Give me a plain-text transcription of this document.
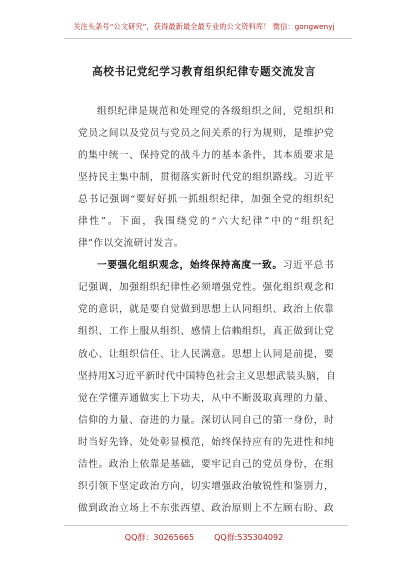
关注头条号“公文研究”，获得最新最全最专业的公文资料库！ 微信：gongwenyj
高校书记党纪学习教育组织纪律专题交流发言
组织纪律是规范和处理党的各级组织之间，党组织和
党员之间以及党员与党员之间关系的行为规则，是维护党
的集中统一、保持党的战斗力的基本条件，其本质要求是
坚持民主集中制，贯彻落实新时代党的组织路线。习近平
总书记强调“要好好抓一抓组织纪律，加强全党的组织纪
律性”。下面，我围绕党的“六大纪律”中的“组织纪
律”作以交流研讨发言。
一要强化组织观念，始终保持高度一致。习近平总书
记强调，加强组织纪律性必须增强党性。强化组织观念和
党的意识，就是要自觉做到思想上认同组织、政治上依靠
组织、工作上服从组织、感情上信赖组织，真正做到让党
放心、让组织信任、让人民满意。思想上认同是前提，要
坚持用X习近平新时代中国特色社会主义思想武装头脑，自
觉在学懂弄通做实上下功夫，从中不断汲取真理的力量、
信仰的力量、奋进的力量。深切认同自己的第一身份，时
时当好先锋、处处彰显模范，始终保持应有的先进性和纯
洁性。政治上依靠是基础，要牢记自己的党员身份，在组
织引领下坚定政治方向，切实增强政治敏锐性和鉴别力，
做到政治立场上不东张西望、政治原则上不左顾右盼、政
QQ群：30265665	QQ群:535304092
